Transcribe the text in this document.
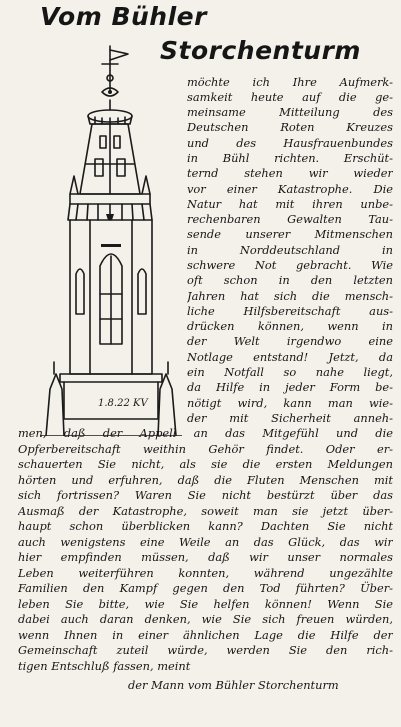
Vom Bühler
Storchenturm
1.8.22 KV
möchte ich Ihre Aufmerk-
samkeit heute auf die ge-
meinsame Mitteilung des
Deutschen Roten Kreuzes
und des Hausfrauenbundes
in Bühl richten. Erschüt-
ternd stehen wir wieder
vor einer Katastrophe. Die
Natur hat mit ihren unbe-
rechenbaren Gewalten Tau-
sende unserer Mitmenschen
in Norddeutschland in
schwere Not gebracht. Wie
oft schon in den letzten
Jahren hat sich die mensch-
liche Hilfsbereitschaft aus-
drücken können, wenn in
der Welt irgendwo eine
Notlage entstand! Jetzt, da
ein Notfall so nahe liegt,
da Hilfe in jeder Form be-
nötigt wird, kann man wie-
der mit Sicherheit anneh-
men, daß der Appell an das Mitgefühl und die
Opferbereitschaft weithin Gehör findet. Oder er-
schauerten Sie nicht, als sie die ersten Meldungen
hörten und erfuhren, daß die Fluten Menschen mit
sich fortrissen? Waren Sie nicht bestürzt über das
Ausmaß der Katastrophe, soweit man sie jetzt über-
haupt schon überblicken kann? Dachten Sie nicht
auch wenigstens eine Weile an das Glück, das wir
hier empfinden müssen, daß wir unser normales
Leben weiterführen konnten, während ungezählte
Familien den Kampf gegen den Tod führten? Über-
leben Sie bitte, wie Sie helfen können! Wenn Sie
dabei auch daran denken, wie Sie sich freuen würden,
wenn Ihnen in einer ähnlichen Lage die Hilfe der
Gemeinschaft zuteil würde, werden Sie den rich-
tigen Entschluß fassen, meint
der Mann vom Bühler Storchenturm
